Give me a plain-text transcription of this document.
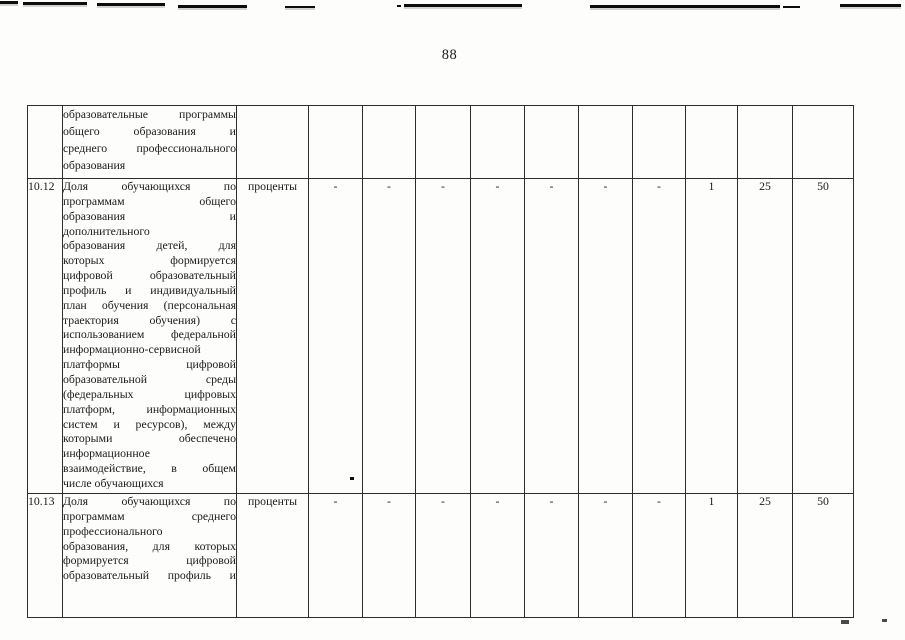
88

	образовательные программы
общего образования и
среднего профессионального
образования											

10.12	Доля обучающихся по
программам общего
образования и
дополнительного
образования детей, для
которых формируется
цифровой образовательный
профиль и индивидуальный
план обучения (персональная
траектория обучения) с
использованием федеральной
информационно-сервисной
платформы цифровой
образовательной среды
(федеральных цифровых
платформ, информационных
систем и ресурсов), между
которыми обеспечено
информационное
взаимодействие, в общем
числе обучающихся
	проценты	-	-	-	-	-	-	-	1	25	50
10.13	Доля обучающихся по
программам среднего
профессионального
образования, для которых
формируется цифровой
образовательный профиль и
	проценты	-	-	-	-	-	-	-	1	25	50
